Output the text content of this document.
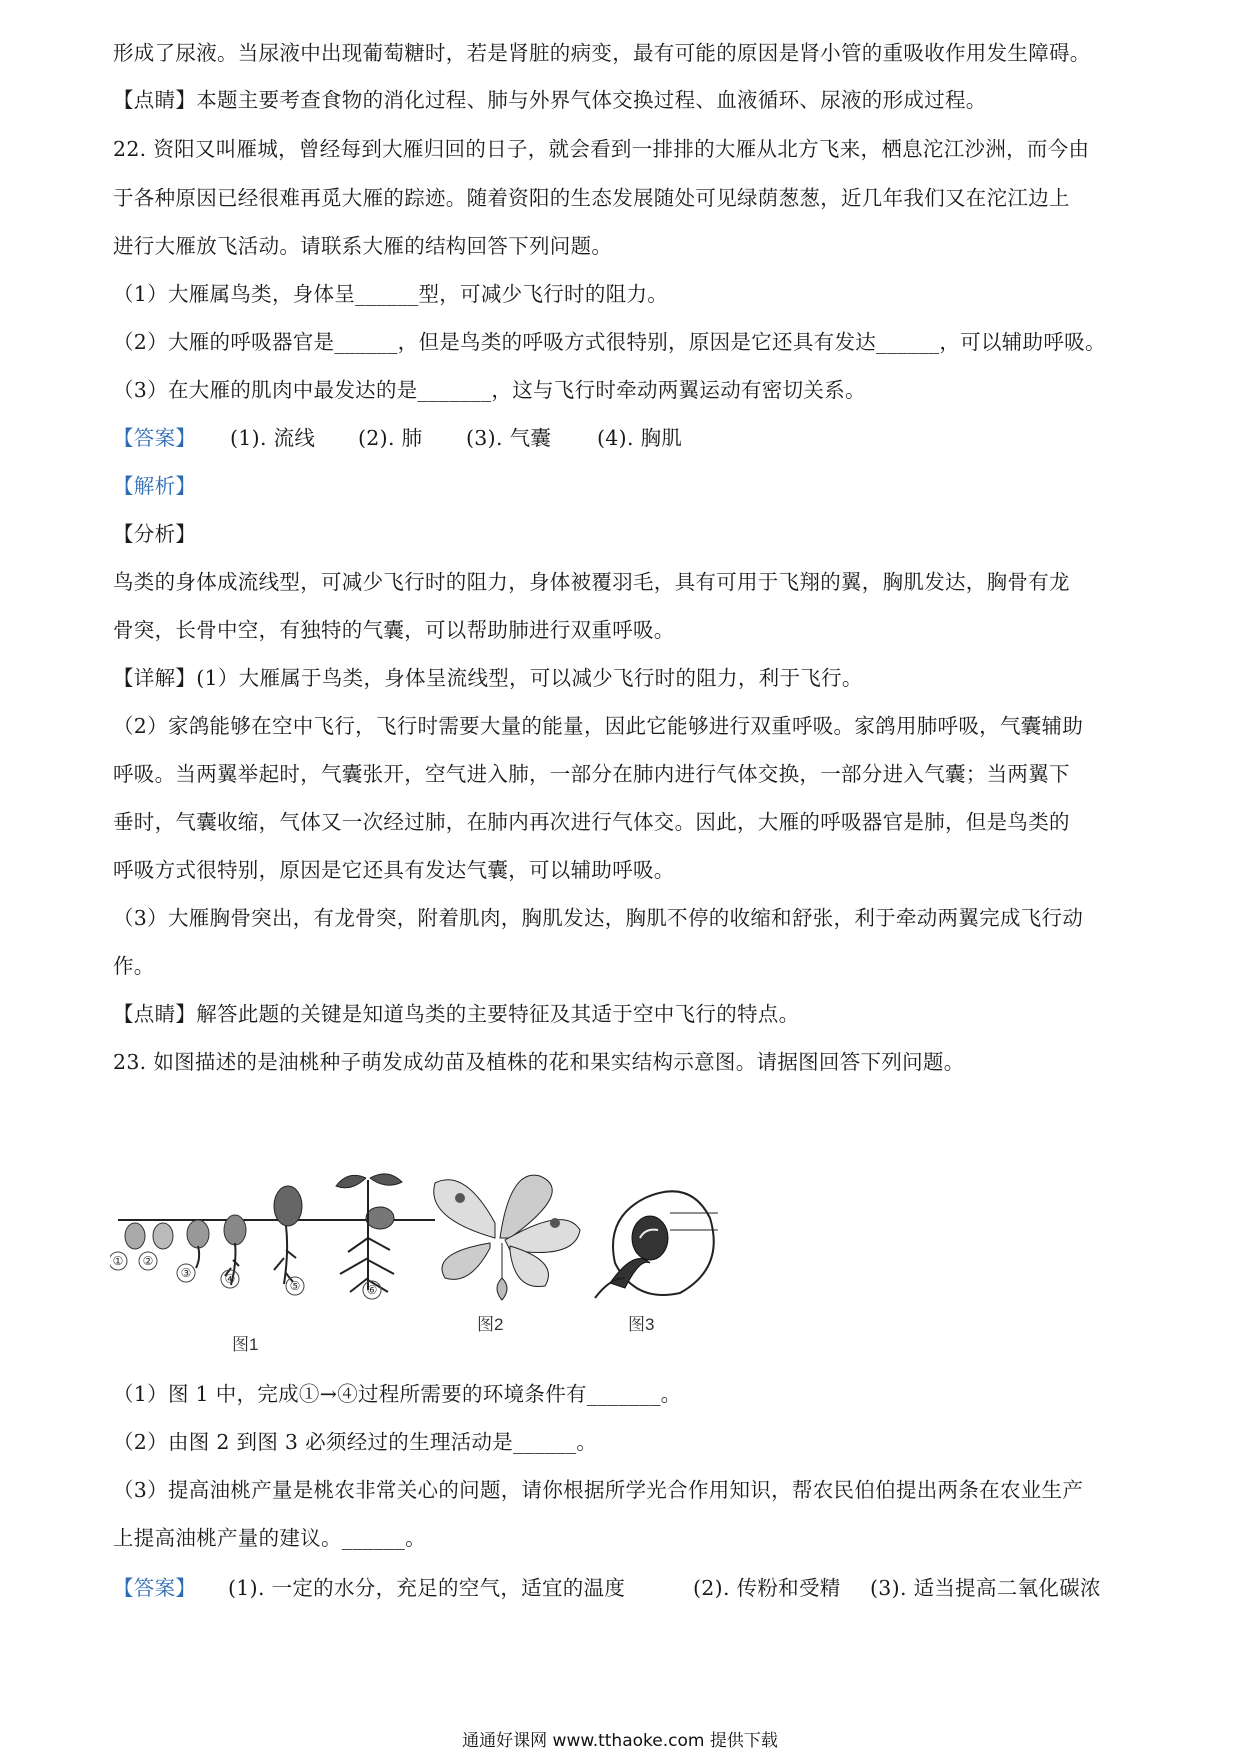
形成了尿液。当尿液中出现葡萄糖时，若是肾脏的病变，最有可能的原因是肾小管的重吸收作用发生障碍。
【点睛】本题主要考查食物的消化过程、肺与外界气体交换过程、血液循环、尿液的形成过程。
22. 资阳又叫雁城，曾经每到大雁归回的日子，就会看到一排排的大雁从北方飞来，栖息沱江沙洲，而今由
于各种原因已经很难再觅大雁的踪迹。随着资阳的生态发展随处可见绿荫葱葱，近几年我们又在沱江边上
进行大雁放飞活动。请联系大雁的结构回答下列问题。
（1）大雁属鸟类，身体呈______型，可减少飞行时的阻力。
（2）大雁的呼吸器官是______，但是鸟类的呼吸方式很特别，原因是它还具有发达______，可以辅助呼吸。
（3）在大雁的肌肉中最发达的是_______，这与飞行时牵动两翼运动有密切关系。
【答案】 (1). 流线 (2). 肺 (3). 气囊 (4). 胸肌
【解析】
【分析】
鸟类的身体成流线型，可减少飞行时的阻力，身体被覆羽毛，具有可用于飞翔的翼，胸肌发达，胸骨有龙
骨突，长骨中空，有独特的气囊，可以帮助肺进行双重呼吸。
【详解】(1）大雁属于鸟类，身体呈流线型，可以减少飞行时的阻力，利于飞行。
（2）家鸽能够在空中飞行，飞行时需要大量的能量，因此它能够进行双重呼吸。家鸽用肺呼吸，气囊辅助
呼吸。当两翼举起时，气囊张开，空气进入肺，一部分在肺内进行气体交换，一部分进入气囊；当两翼下
垂时，气囊收缩，气体又一次经过肺，在肺内再次进行气体交。因此，大雁的呼吸器官是肺，但是鸟类的
呼吸方式很特别，原因是它还具有发达气囊，可以辅助呼吸。
（3）大雁胸骨突出，有龙骨突，附着肌肉，胸肌发达，胸肌不停的收缩和舒张，利于牵动两翼完成飞行动
作。
【点睛】解答此题的关键是知道鸟类的主要特征及其适于空中飞行的特点。
23. 如图描述的是油桃种子萌发成幼苗及植株的花和果实结构示意图。请据图回答下列问题。
① ②
③	④	⑤	⑥
图1
图2	图3
（1）图 1 中，完成①→④过程所需要的环境条件有_______。
（2）由图 2 到图 3 必须经过的生理活动是______。
（3）提高油桃产量是桃农非常关心的问题，请你根据所学光合作用知识，帮农民伯伯提出两条在农业生产
上提高油桃产量的建议。______。
【答案】 (1). 一定的水分，充足的空气，适宜的温度	(2). 传粉和受精 (3). 适当提高二氧化碳浓
通通好课网 www.tthaoke.com 提供下载
